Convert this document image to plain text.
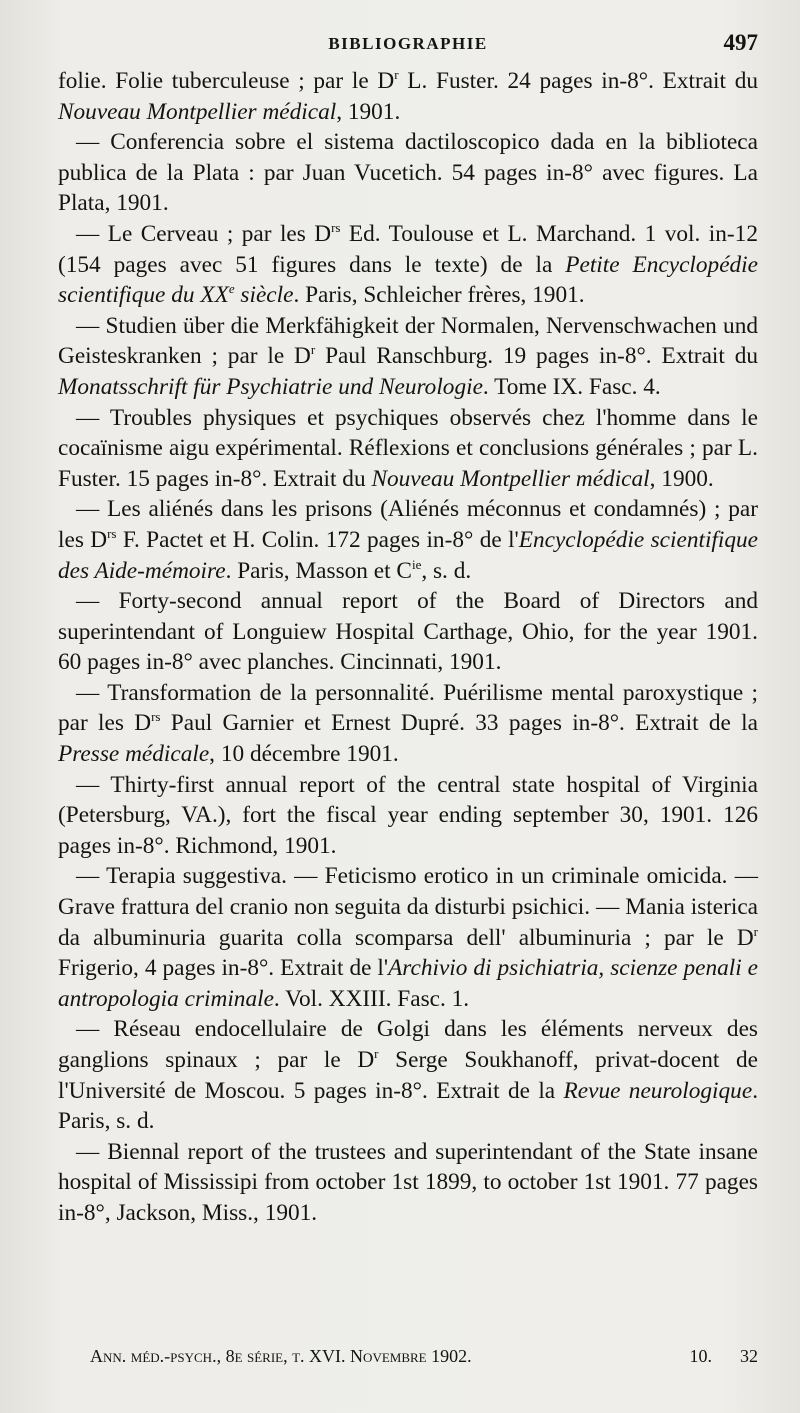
BIBLIOGRAPHIE	497

folie. Folie tuberculeuse ; par le $D^r$ L. Fuster. 24 pages in-8°. Extrait du Nouveau Montpellier médical, 1901.

— Conferencia sobre el sistema dactiloscopico dada en la biblioteca publica de la Plata : par Juan Vucetich. 54 pages in-8° avec figures. La Plata, 1901.

— Le Cerveau ; par les $D^{rs}$ Ed. Toulouse et L. Marchand. 1 vol. in-12 (154 pages avec 51 figures dans le texte) de la Petite Encyclopédie scientifique du XXe siècle. Paris, Schleicher frères, 1901.

— Studien über die Merkfähigkeit der Normalen, Nervenschwachen und Geisteskranken ; par le $D^r$ Paul Ranschburg. 19 pages in-8°. Extrait du Monatsschrift für Psychiatrie und Neurologie. Tome IX. Fasc. 4.

— Troubles physiques et psychiques observés chez l'homme dans le cocaïnisme aigu expérimental. Réflexions et conclusions générales ; par L. Fuster. 15 pages in-8°. Extrait du Nouveau Montpellier médical, 1900.

— Les aliénés dans les prisons (Aliénés méconnus et condamnés) ; par les $D^{rs}$ F. Pactet et H. Colin. 172 pages in-8° de l'Encyclopédie scientifique des Aide-mémoire. Paris, Masson et $C^{ie}$, s. d.

— Forty-second annual report of the Board of Directors and superintendant of Longuiew Hospital Carthage, Ohio, for the year 1901. 60 pages in-8° avec planches. Cincinnati, 1901.

— Transformation de la personnalité. Puérilisme mental paroxystique ; par les $D^{rs}$ Paul Garnier et Ernest Dupré. 33 pages in-8°. Extrait de la Presse médicale, 10 décembre 1901.

— Thirty-first annual report of the central state hospital of Virginia (Petersburg, VA.), fort the fiscal year ending september 30, 1901. 126 pages in-8°. Richmond, 1901.

— Terapia suggestiva. — Feticismo erotico in un criminale omicida. — Grave frattura del cranio non seguita da disturbi psichici. — Mania isterica da albuminuria guarita colla scomparsa dell' albuminuria ; par le $D^r$ Frigerio, 4 pages in-8°. Extrait de l'Archivio di psichiatria, scienze penali e antropologia criminale. Vol. XXIII. Fasc. 1.

— Réseau endocellulaire de Golgi dans les éléments nerveux des ganglions spinaux ; par le $D^r$ Serge Soukhanoff, privat-docent de l'Université de Moscou. 5 pages in-8°. Extrait de la Revue neurologique. Paris, s. d.

— Biennal report of the trustees and superintendant of the State insane hospital of Mississipi from october 1st 1899, to october 1st 1901. 77 pages in-8°, Jackson, Miss., 1901.

Ann. méd.-psych., 8e série, t. XVI. Novembre 1902.	10. 32
